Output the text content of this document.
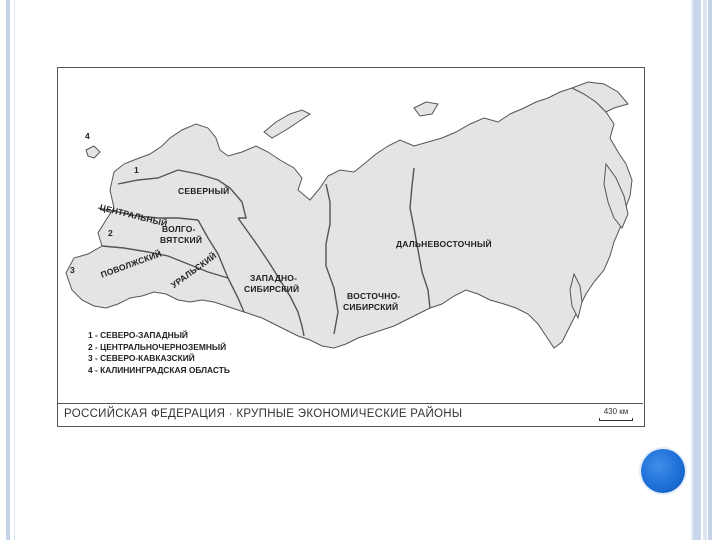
1
2
3
4
СЕВЕРНЫЙ
ЦЕНТРАЛЬНЫЙ
ВОЛГО-
ВЯТСКИЙ
ПОВОЛЖСКИЙ УРАЛЬСКИЙ	ЗАПАДНО-
СИБИРСКИЙ
ВОСТОЧНО-
СИБИРСКИЙ
ДАЛЬНЕВОСТОЧНЫЙ
1 - СЕВЕРО-ЗАПАДНЫЙ
2 - ЦЕНТРАЛЬНОЧЕРНОЗЕМНЫЙ
3 - СЕВЕРО-КАВКАЗСКИЙ
4 - КАЛИНИНГРАДСКАЯ ОБЛАСТЬ
РОССИЙСКАЯ ФЕДЕРАЦИЯ · КРУПНЫЕ ЭКОНОМИЧЕСКИЕ РАЙОНЫ	430 км
